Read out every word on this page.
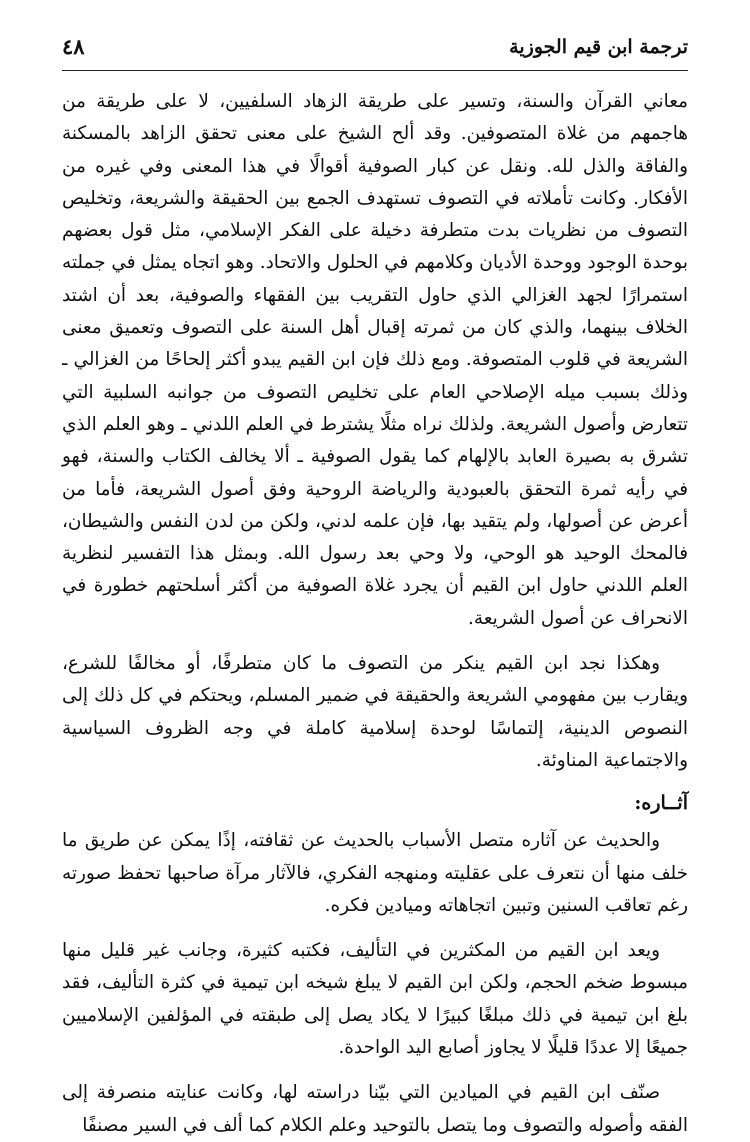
ترجمة ابن قيم الجوزية
٤٨

معاني القرآن والسنة، وتسير على طريقة الزهاد السلفيين، لا على طريقة من هاجمهم من غلاة المتصوفين. وقد ألح الشيخ على معنى تحقق الزاهد بالمسكنة والفاقة والذل لله. ونقل عن كبار الصوفية أقوالًا في هذا المعنى وفي غيره من الأفكار. وكانت تأملاته في التصوف تستهدف الجمع بين الحقيقة والشريعة، وتخليص التصوف من نظريات بدت متطرفة دخيلة على الفكر الإسلامي، مثل قول بعضهم بوحدة الوجود ووحدة الأديان وكلامهم في الحلول والاتحاد. وهو اتجاه يمثل في جملته استمرارًا لجهد الغزالي الذي حاول التقريب بين الفقهاء والصوفية، بعد أن اشتد الخلاف بينهما، والذي كان من ثمرته إقبال أهل السنة على التصوف وتعميق معنى الشريعة في قلوب المتصوفة. ومع ذلك فإن ابن القيم يبدو أكثر إلحاحًا من الغزالي ـ وذلك بسبب ميله الإصلاحي العام على تخليص التصوف من جوانبه السلبية التي تتعارض وأصول الشريعة. ولذلك نراه مثلًا يشترط في العلم اللدني ـ وهو العلم الذي تشرق به بصيرة العابد بالإلهام كما يقول الصوفية ـ ألا يخالف الكتاب والسنة، فهو في رأيه ثمرة التحقق بالعبودية والرياضة الروحية وفق أصول الشريعة، فأما من أعرض عن أصولها، ولم يتقيد بها، فإن علمه لدني، ولكن من لدن النفس والشيطان، فالمحك الوحيد هو الوحي، ولا وحي بعد رسول الله. وبمثل هذا التفسير لنظرية العلم اللدني حاول ابن القيم أن يجرد غلاة الصوفية من أكثر أسلحتهم خطورة في الانحراف عن أصول الشريعة.

وهكذا نجد ابن القيم ينكر من التصوف ما كان متطرفًا، أو مخالفًا للشرع، ويقارب بين مفهومي الشريعة والحقيقة في ضمير المسلم، ويحتكم في كل ذلك إلى النصوص الدينية، إلتماسًا لوحدة إسلامية كاملة في وجه الظروف السياسية والاجتماعية المناوئة.

آثــاره:

والحديث عن آثاره متصل الأسباب بالحديث عن ثقافته، إذًا يمكن عن طريق ما خلف منها أن نتعرف على عقليته ومنهجه الفكري، فالآثار مرآة صاحبها تحفظ صورته رغم تعاقب السنين وتبين اتجاهاته وميادين فكره.

ويعد ابن القيم من المكثرين في التأليف، فكتبه كثيرة، وجانب غير قليل منها مبسوط ضخم الحجم، ولكن ابن القيم لا يبلغ شيخه ابن تيمية في كثرة التأليف، فقد بلغ ابن تيمية في ذلك مبلغًا كبيرًا لا يكاد يصل إلى طبقته في المؤلفين الإسلاميين جميعًا إلا عددًا قليلًا لا يجاوز أصابع اليد الواحدة.

صنّف ابن القيم في الميادين التي بيّنا دراسته لها، وكانت عنايته منصرفة إلى الفقه وأصوله والتصوف وما يتصل بالتوحيد وعلم الكلام كما ألف في السير مصنفًا
